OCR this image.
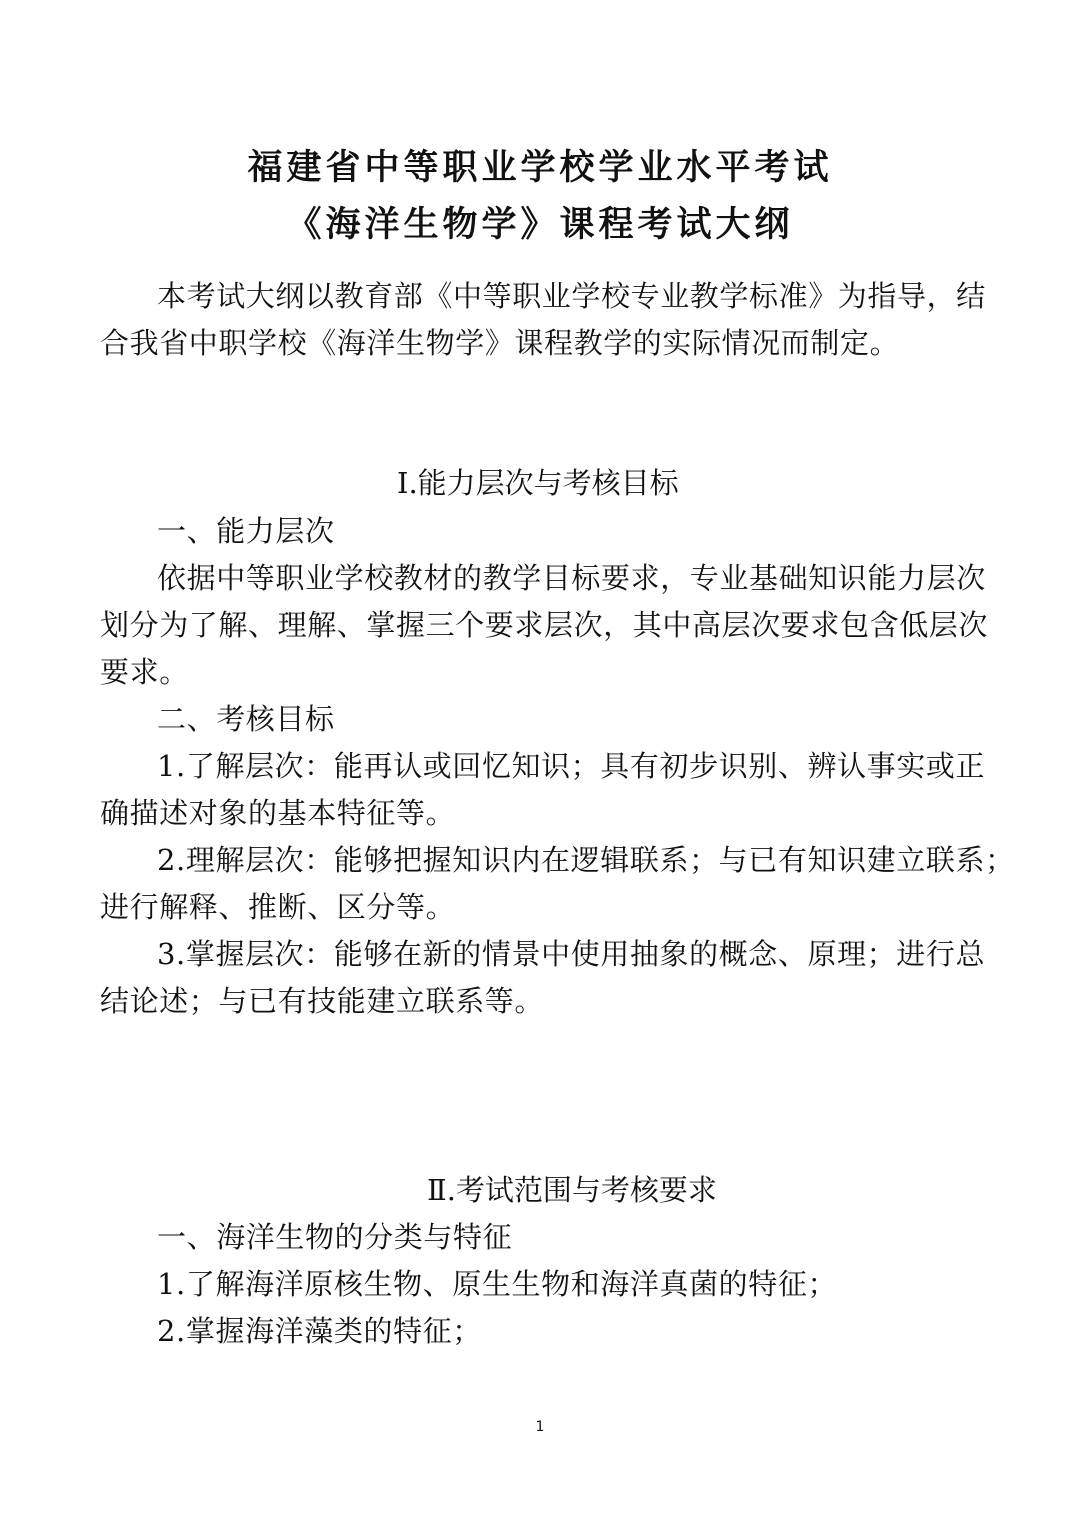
福建省中等职业学校学业水平考试
《海洋生物学》课程考试大纲
本考试大纲以教育部《中等职业学校专业教学标准》为指导，结
合我省中职学校《海洋生物学》课程教学的实际情况而制定。
Ⅰ.能力层次与考核目标
一、能力层次
依据中等职业学校教材的教学目标要求，专业基础知识能力层次
划分为了解、理解、掌握三个要求层次，其中高层次要求包含低层次
要求。
二、考核目标
1.了解层次：能再认或回忆知识；具有初步识别、辨认事实或正
确描述对象的基本特征等。
2.理解层次：能够把握知识内在逻辑联系；与已有知识建立联系；
进行解释、推断、区分等。
3.掌握层次：能够在新的情景中使用抽象的概念、原理；进行总
结论述；与已有技能建立联系等。
Ⅱ.考试范围与考核要求
一、海洋生物的分类与特征
1.了解海洋原核生物、原生生物和海洋真菌的特征；
2.掌握海洋藻类的特征；
1
